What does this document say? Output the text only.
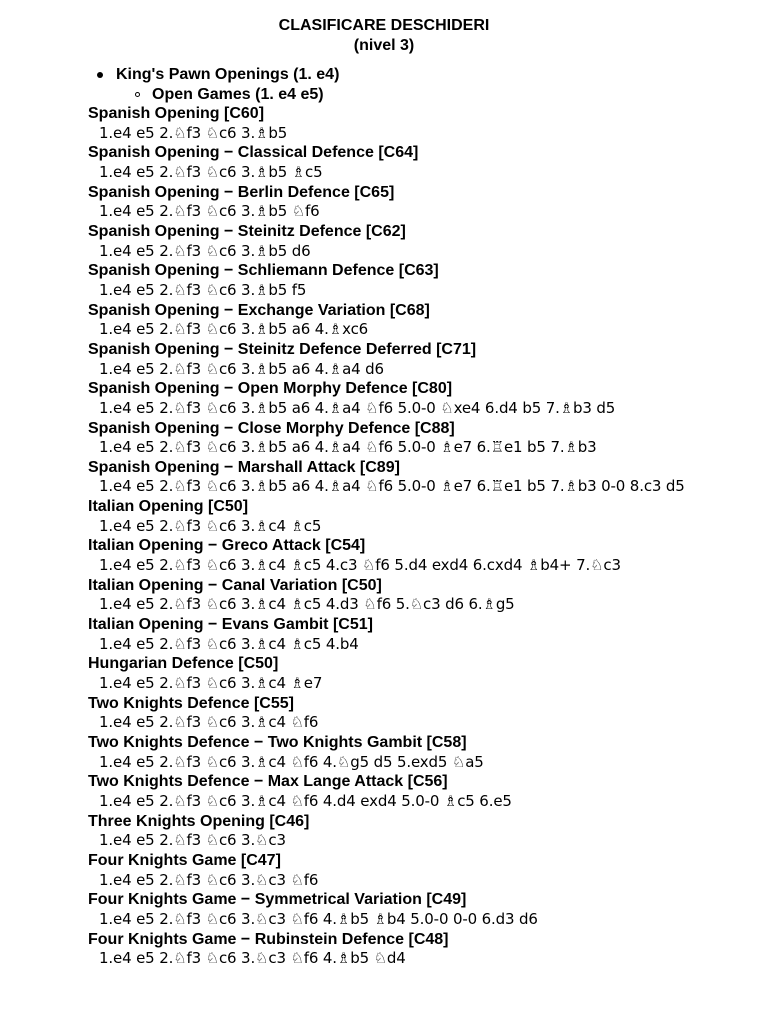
CLASIFICARE DESCHIDERI
(nivel 3)
King's Pawn Openings (1. e4)
Open Games (1. e4 e5)
Spanish Opening [C60]
1.e4 e5 2.♘f3 ♘c6 3.♗b5
Spanish Opening − Classical Defence [C64]
1.e4 e5 2.♘f3 ♘c6 3.♗b5 ♗c5
Spanish Opening − Berlin Defence [C65]
1.e4 e5 2.♘f3 ♘c6 3.♗b5 ♘f6
Spanish Opening − Steinitz Defence [C62]
1.e4 e5 2.♘f3 ♘c6 3.♗b5 d6
Spanish Opening − Schliemann Defence [C63]
1.e4 e5 2.♘f3 ♘c6 3.♗b5 f5
Spanish Opening − Exchange Variation [C68]
1.e4 e5 2.♘f3 ♘c6 3.♗b5 a6 4.♗xc6
Spanish Opening − Steinitz Defence Deferred [C71]
1.e4 e5 2.♘f3 ♘c6 3.♗b5 a6 4.♗a4 d6
Spanish Opening − Open Morphy Defence [C80]
1.e4 e5 2.♘f3 ♘c6 3.♗b5 a6 4.♗a4 ♘f6 5.0-0 ♘xe4 6.d4 b5 7.♗b3 d5
Spanish Opening − Close Morphy Defence [C88]
1.e4 e5 2.♘f3 ♘c6 3.♗b5 a6 4.♗a4 ♘f6 5.0-0 ♗e7 6.♖e1 b5 7.♗b3
Spanish Opening − Marshall Attack [C89]
1.e4 e5 2.♘f3 ♘c6 3.♗b5 a6 4.♗a4 ♘f6 5.0-0 ♗e7 6.♖e1 b5 7.♗b3 0-0 8.c3 d5
Italian Opening [C50]
1.e4 e5 2.♘f3 ♘c6 3.♗c4 ♗c5
Italian Opening − Greco Attack [C54]
1.e4 e5 2.♘f3 ♘c6 3.♗c4 ♗c5 4.c3 ♘f6 5.d4 exd4 6.cxd4 ♗b4+ 7.♘c3
Italian Opening − Canal Variation [C50]
1.e4 e5 2.♘f3 ♘c6 3.♗c4 ♗c5 4.d3 ♘f6 5.♘c3 d6 6.♗g5
Italian Opening − Evans Gambit [C51]
1.e4 e5 2.♘f3 ♘c6 3.♗c4 ♗c5 4.b4
Hungarian Defence [C50]
1.e4 e5 2.♘f3 ♘c6 3.♗c4 ♗e7
Two Knights Defence [C55]
1.e4 e5 2.♘f3 ♘c6 3.♗c4 ♘f6
Two Knights Defence − Two Knights Gambit [C58]
1.e4 e5 2.♘f3 ♘c6 3.♗c4 ♘f6 4.♘g5 d5 5.exd5 ♘a5
Two Knights Defence − Max Lange Attack [C56]
1.e4 e5 2.♘f3 ♘c6 3.♗c4 ♘f6 4.d4 exd4 5.0-0 ♗c5 6.e5
Three Knights Opening [C46]
1.e4 e5 2.♘f3 ♘c6 3.♘c3
Four Knights Game [C47]
1.e4 e5 2.♘f3 ♘c6 3.♘c3 ♘f6
Four Knights Game − Symmetrical Variation [C49]
1.e4 e5 2.♘f3 ♘c6 3.♘c3 ♘f6 4.♗b5 ♗b4 5.0-0 0-0 6.d3 d6
Four Knights Game − Rubinstein Defence [C48]
1.e4 e5 2.♘f3 ♘c6 3.♘c3 ♘f6 4.♗b5 ♘d4
